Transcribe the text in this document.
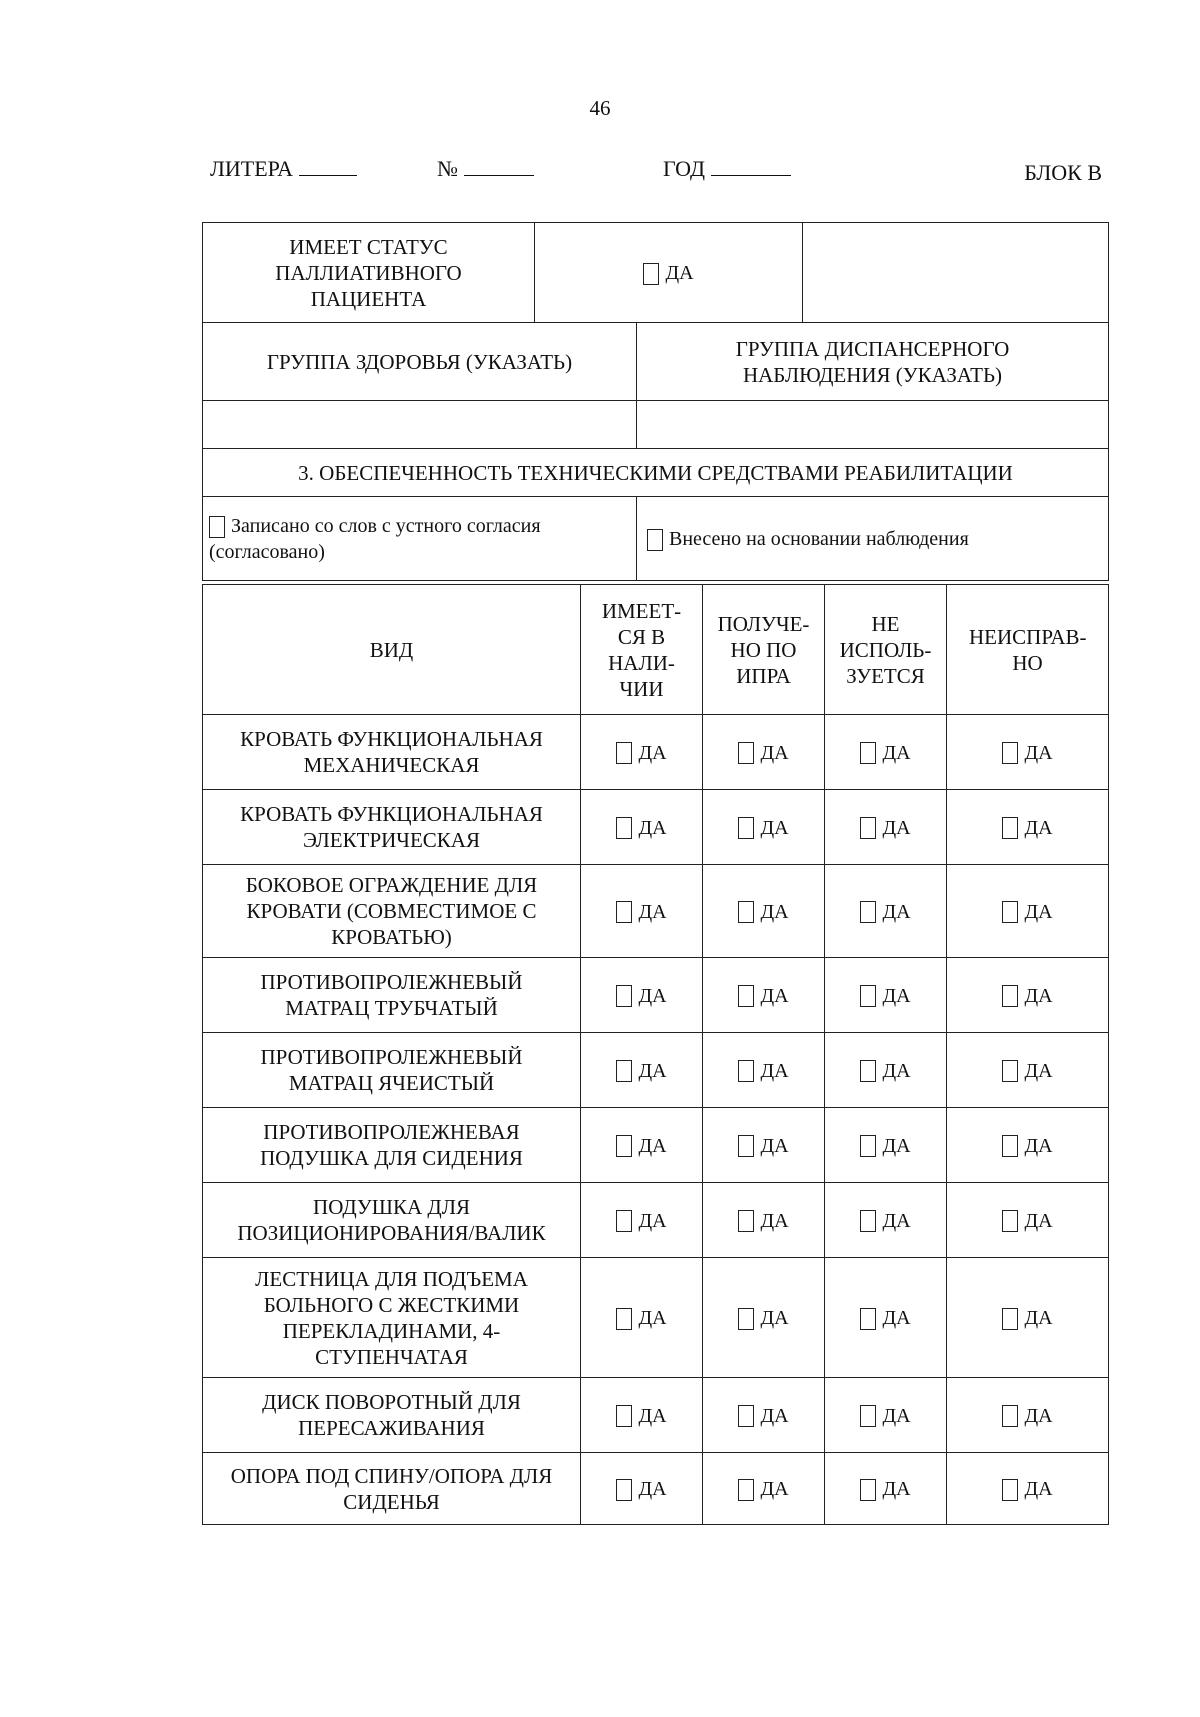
46
ЛИТЕРА	№	ГОД	БЛОК В
ИМЕЕТ СТАТУС ПАЛЛИАТИВНОГО ПАЦИЕНТА	ДА		
ГРУППА ЗДОРОВЬЯ (УКАЗАТЬ)		ГРУППА ДИСПАНСЕРНОГО НАБЛЮДЕНИЯ (УКАЗАТЬ)	

3. ОБЕСПЕЧЕННОСТЬ ТЕХНИЧЕСКИМИ СРЕДСТВАМИ РЕАБИЛИТАЦИИ			
Записано со слов с устного согласия (согласовано)		Внесено на основании наблюдения	
ВИД	ИМЕЕТ-СЯ В НАЛИ-ЧИИ	ПОЛУЧЕ-НО ПО ИПРА	НЕ ИСПОЛЬ-ЗУЕТСЯ	НЕИСПРАВ-НО
КРОВАТЬ ФУНКЦИОНАЛЬНАЯ МЕХАНИЧЕСКАЯ	ДА	ДА	ДА	ДА
КРОВАТЬ ФУНКЦИОНАЛЬНАЯ ЭЛЕКТРИЧЕСКАЯ	ДА	ДА	ДА	ДА
БОКОВОЕ ОГРАЖДЕНИЕ ДЛЯ КРОВАТИ (СОВМЕСТИМОЕ С КРОВАТЬЮ)	ДА	ДА	ДА	ДА
ПРОТИВОПРОЛЕЖНЕВЫЙ МАТРАЦ ТРУБЧАТЫЙ	ДА	ДА	ДА	ДА
ПРОТИВОПРОЛЕЖНЕВЫЙ МАТРАЦ ЯЧЕИСТЫЙ	ДА	ДА	ДА	ДА
ПРОТИВОПРОЛЕЖНЕВАЯ ПОДУШКА ДЛЯ СИДЕНИЯ	ДА	ДА	ДА	ДА
ПОДУШКА ДЛЯ ПОЗИЦИОНИРОВАНИЯ/ВАЛИК	ДА	ДА	ДА	ДА
ЛЕСТНИЦА ДЛЯ ПОДЪЕМА БОЛЬНОГО С ЖЕСТКИМИ ПЕРЕКЛАДИНАМИ, 4-СТУПЕНЧАТАЯ	ДА	ДА	ДА	ДА
ДИСК ПОВОРОТНЫЙ ДЛЯ ПЕРЕСАЖИВАНИЯ	ДА	ДА	ДА	ДА
ОПОРА ПОД СПИНУ/ОПОРА ДЛЯ СИДЕНЬЯ	ДА	ДА	ДА	ДА
